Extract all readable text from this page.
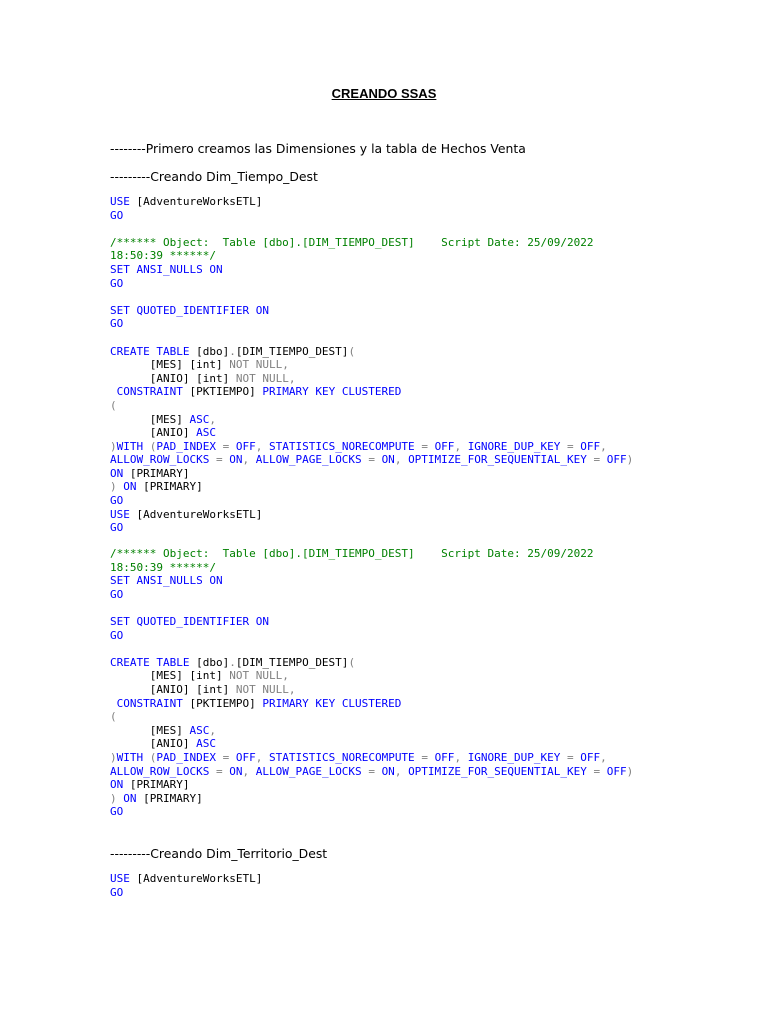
CREANDO SSAS
--------Primero creamos las Dimensiones y la tabla de Hechos Venta
---------Creando Dim_Tiempo_Dest
USE [AdventureWorksETL]
GO

/****** Object:  Table [dbo].[DIM_TIEMPO_DEST]    Script Date: 25/09/2022
18:50:39 ******/
SET ANSI_NULLS ON
GO

SET QUOTED_IDENTIFIER ON
GO

CREATE TABLE [dbo].[DIM_TIEMPO_DEST](
[MES] [int] NOT NULL,
[ANIO] [int] NOT NULL,
CONSTRAINT [PKTIEMPO] PRIMARY KEY CLUSTERED
(
[MES] ASC,
[ANIO] ASC
)WITH (PAD_INDEX = OFF, STATISTICS_NORECOMPUTE = OFF, IGNORE_DUP_KEY = OFF,
ALLOW_ROW_LOCKS = ON, ALLOW_PAGE_LOCKS = ON, OPTIMIZE_FOR_SEQUENTIAL_KEY = OFF)
ON [PRIMARY]
) ON [PRIMARY]
GO
USE [AdventureWorksETL]
GO
/****** Object:  Table [dbo].[DIM_TIEMPO_DEST]    Script Date: 25/09/2022
18:50:39 ******/
SET ANSI_NULLS ON
GO

SET QUOTED_IDENTIFIER ON
GO

CREATE TABLE [dbo].[DIM_TIEMPO_DEST](
[MES] [int] NOT NULL,
[ANIO] [int] NOT NULL,
CONSTRAINT [PKTIEMPO] PRIMARY KEY CLUSTERED
(
[MES] ASC,
[ANIO] ASC
)WITH (PAD_INDEX = OFF, STATISTICS_NORECOMPUTE = OFF, IGNORE_DUP_KEY = OFF,
ALLOW_ROW_LOCKS = ON, ALLOW_PAGE_LOCKS = ON, OPTIMIZE_FOR_SEQUENTIAL_KEY = OFF)
ON [PRIMARY]
) ON [PRIMARY]
GO
---------Creando Dim_Territorio_Dest
USE [AdventureWorksETL]
GO
